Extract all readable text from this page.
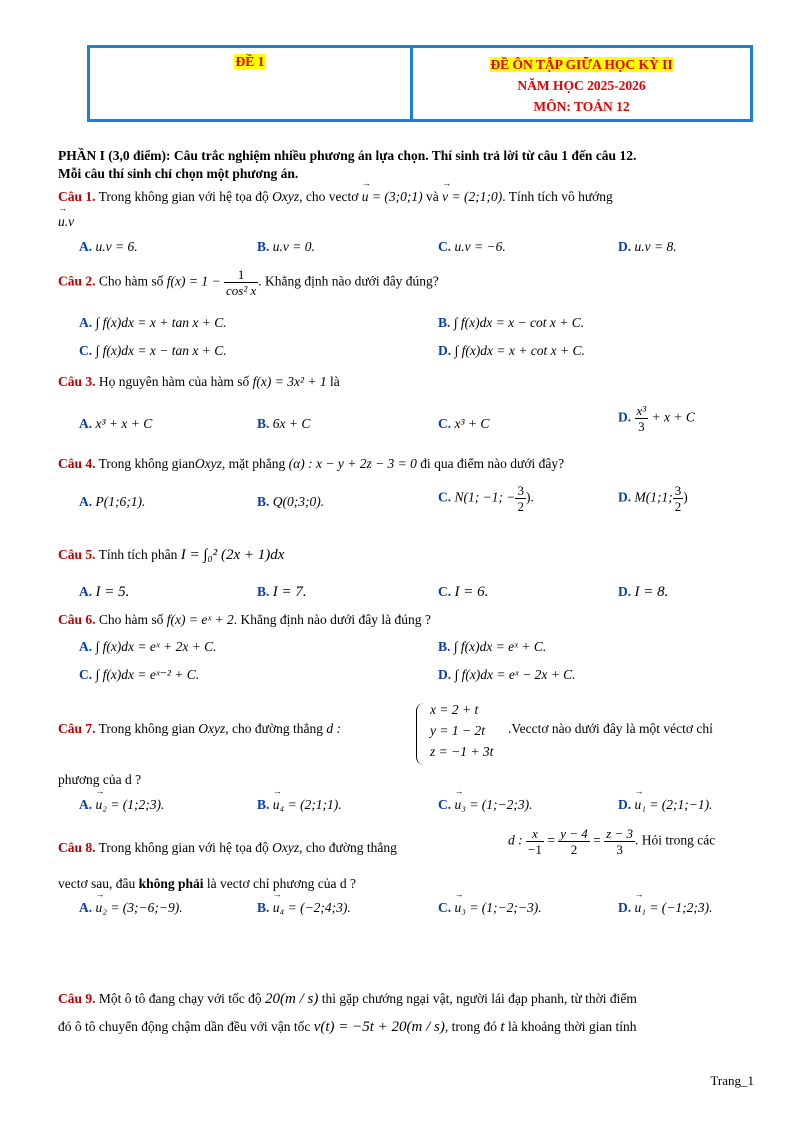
ĐỀ 1	ĐỀ ÔN TẬP GIỮA HỌC KỲ II
NĂM HỌC 2025-2026
MÔN: TOÁN 12
PHẦN I (3,0 điểm): Câu trắc nghiệm nhiều phương án lựa chọn. Thí sinh trả lời từ câu 1 đến câu 12.
Mỗi câu thí sinh chỉ chọn một phương án.
Câu 1. Trong không gian với hệ tọa độ Oxyz, cho vectơ → u = (3;0;1) và → v = (2;1;0). Tính tích vô hướng
→ u.v
A. u.v = 6.	B. u.v = 0.	C. u.v = −6.	D. u.v = 8.
Câu 2. Cho hàm số $f(x) = 1 - \frac{1}{\text{cos² x}}$ . Khẳng định nào dưới đây đúng?
A. ∫ f(x)dx = x + tan x + C.	B. ∫ f(x)dx = x − cot x + C.
C. ∫ f(x)dx = x − tan x + C.	D. ∫ f(x)dx = x + cot x + C.
Câu 3. Họ nguyên hàm của hàm số f(x) = 3x² + 1 là
A. x³ + x + C	B. 6x + C	C. x³ + C	D. $\frac{\text{x³}}{3} + x + C$
Câu 4. Trong không gianOxyz, mặt phẳng (α) : x − y + 2z − 3 = 0 đi qua điểm nào dưới đây?
A. P(1;6;1).	B. Q(0;3;0).	C. N(1; −1; − $\frac{3}{2}$ ).	D. M(1;1; $\frac{3}{2}$ )
Câu 5. Tính tích phân I = ∫₀² (2x + 1)dx
A. I = 5.	B. I = 7.	C. I = 6.	D. I = 8.
Câu 6. Cho hàm số f(x) = eˣ + 2. Khẳng định nào dưới đây là đúng ?
A. ∫ f(x)dx = eˣ + 2x + C.	B. ∫ f(x)dx = eˣ + C.
C. ∫ f(x)dx = eˣ⁻² + C.	D. ∫ f(x)dx = eˣ − 2x + C.
Câu 7. Trong không gian Oxyz, cho đường thẳng d :
x = 2 + t
y = 1 − 2t
z = −1 + 3t
.Vecctơ nào dưới đây là một véctơ chỉ
phương của d ?
A. → u₂ = (1;2;3).	B. → u₄ = (2;1;1).	C. → u₃ = (1;−2;3).	D. → u₁ = (2;1;−1).
Câu 8. Trong không gian với hệ tọa độ Oxyz, cho đường thẳng	d : $\frac{x}{-1} = \frac{y - 4}{2} = \frac{z - 3}{3}$ . Hỏi trong các
vectơ sau, đâu không phải là vectơ chỉ phương của d ?
A. → u₂ = (3;−6;−9).	B. → u₄ = (−2;4;3).	C. → u₃ = (1;−2;−3).	D. → u₁ = (−1;2;3).
Câu 9. Một ô tô đang chạy với tốc độ 20(m / s) thì gặp chướng ngại vật, người lái đạp phanh, từ thời điểm
đó ô tô chuyển động chậm dần đều với vận tốc v(t) = −5t + 20(m / s), trong đó t là khoảng thời gian tính
Trang_1
